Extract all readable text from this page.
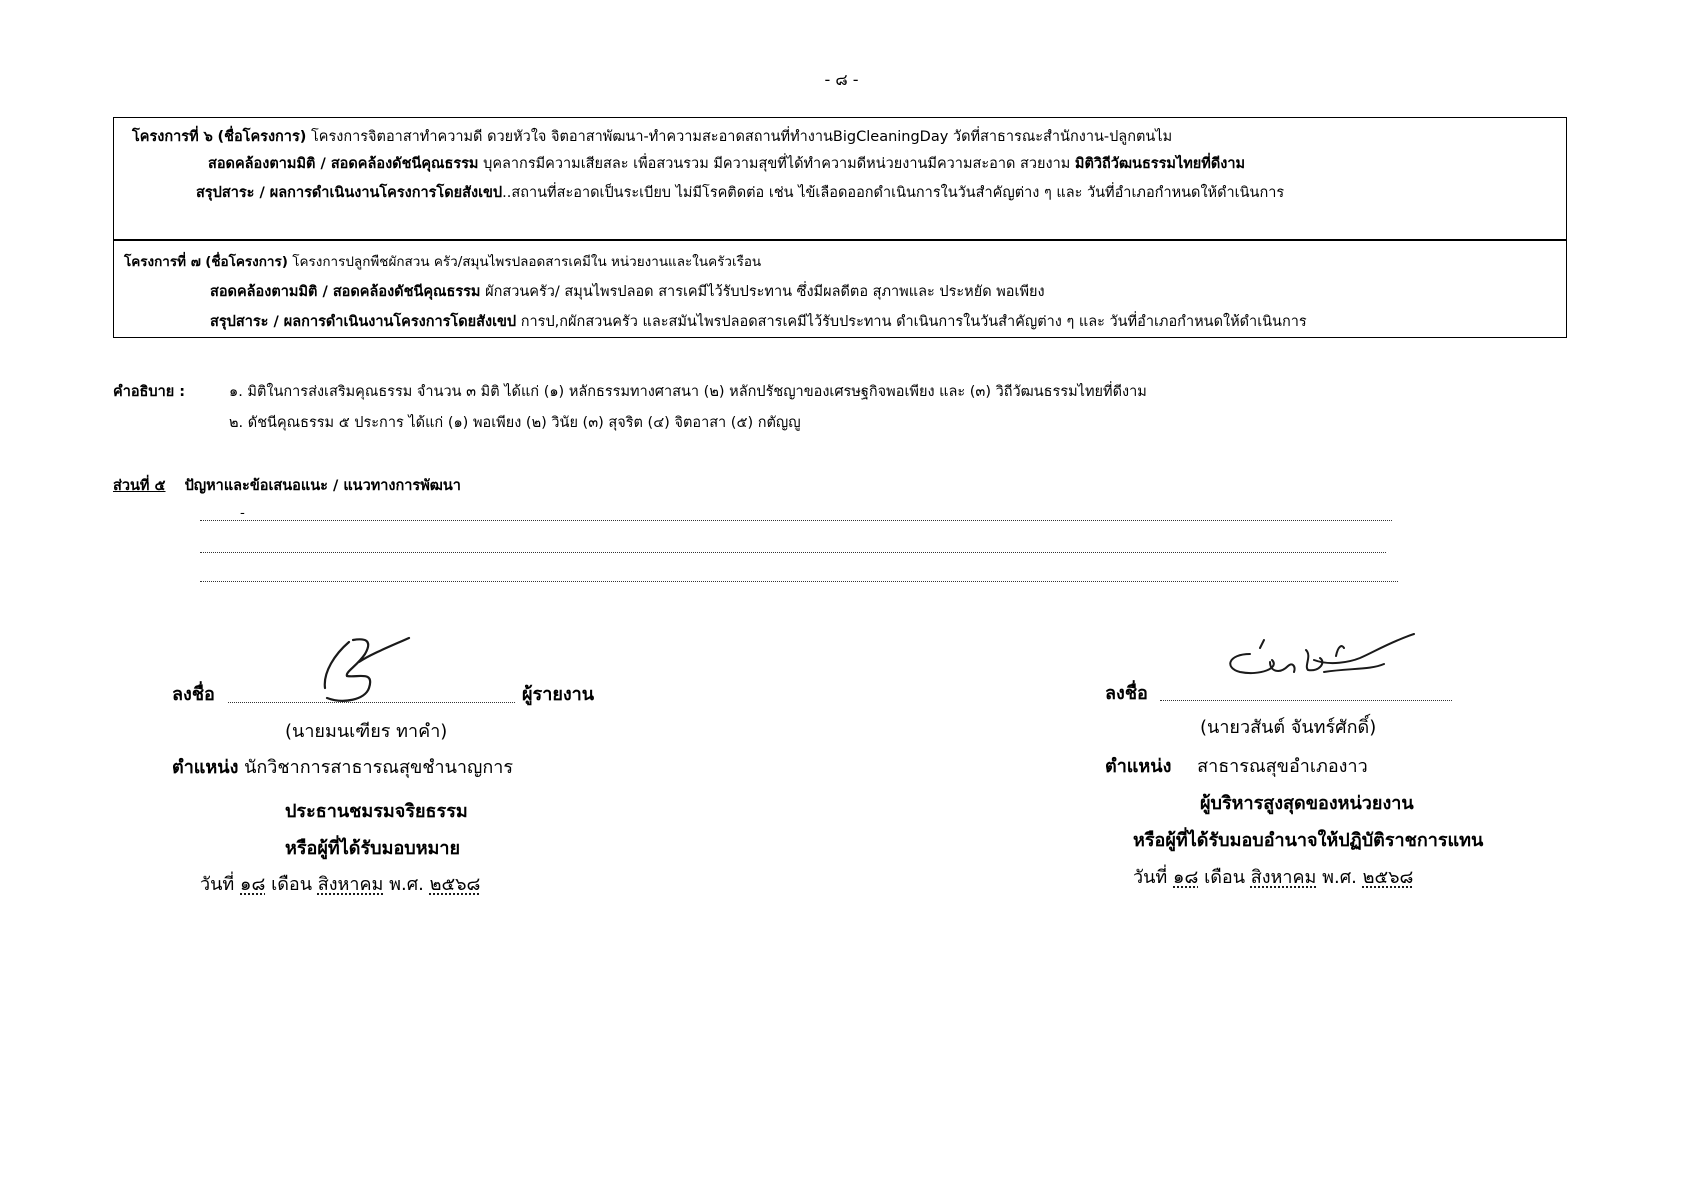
- ๘ -
โครงการที่ ๖ (ชื่อโครงการ) โครงการจิตอาสาทำความดี ดวยหัวใจ จิตอาสาพัฒนา-ทำความสะอาดสถานที่ทำงานBigCleaningDay วัดที่สาธารณะสำนักงาน-ปลูกตนไม
สอดคล้องตามมิติ / สอดคล้องดัชนีคุณธรรม บุคลากรมีความเสียสละ เพื่อสวนรวม มีความสุขที่ได้ทำความดีหน่วยงานมีความสะอาด สวยงาม มิติวิถีวัฒนธรรมไทยที่ดีงาม
สรุปสาระ / ผลการดำเนินงานโครงการโดยสังเขป..สถานที่สะอาดเป็นระเบียบ ไม่มีโรคติดต่อ เช่น ไข้เลือดออกดำเนินการในวันสำคัญต่าง ๆ และ วันที่อำเภอกำหนดให้ดำเนินการ
โครงการที่ ๗ (ชื่อโครงการ) โครงการปลูกพืชผักสวน ครัว/สมุนไพรปลอดสารเคมีใน หน่วยงานและในครัวเรือน
สอดคล้องตามมิติ / สอดคล้องดัชนีคุณธรรม ผักสวนครัว/ สมุนไพรปลอด สารเคมีไว้รับประทาน ซึ่งมีผลดีตอ สุภาพและ ประหยัด พอเพียง
สรุปสาระ / ผลการดำเนินงานโครงการโดยสังเขป การป,กผักสวนครัว และสมันไพรปลอดสารเคมีไว้รับประทาน ดำเนินการในวันสำคัญต่าง ๆ และ วันที่อำเภอกำหนดให้ดำเนินการ
คำอธิบาย :	๑. มิติในการส่งเสริมคุณธรรม จำนวน ๓ มิติ ได้แก่ (๑) หลักธรรมทางศาสนา (๒) หลักปรัชญาของเศรษฐกิจพอเพียง และ (๓) วิถีวัฒนธรรมไทยที่ดีงาม
๒. ดัชนีคุณธรรม ๕ ประการ ได้แก่ (๑) พอเพียง (๒) วินัย (๓) สุจริต (๔) จิตอาสา (๕) กตัญญู
ส่วนที่ ๕ ปัญหาและข้อเสนอแนะ / แนวทางการพัฒนา
-
ลงชื่อ	ผู้รายงาน
(นายมนเฑียร ทาคำ)
ตำแหน่ง นักวิชาการสาธารณสุขชำนาญการ
ประธานชมรมจริยธรรม
หรือผู้ที่ได้รับมอบหมาย
วันที่ ๑๘ เดือน สิงหาคม พ.ศ. ๒๕๖๘
ลงชื่อ
(นายวสันต์ จันทร์ศักดิ์)
ตำแหน่ง สาธารณสุขอำเภองาว
ผู้บริหารสูงสุดของหน่วยงาน
หรือผู้ที่ได้รับมอบอำนาจให้ปฏิบัติราชการแทน
วันที่ ๑๘ เดือน สิงหาคม พ.ศ. ๒๕๖๘
